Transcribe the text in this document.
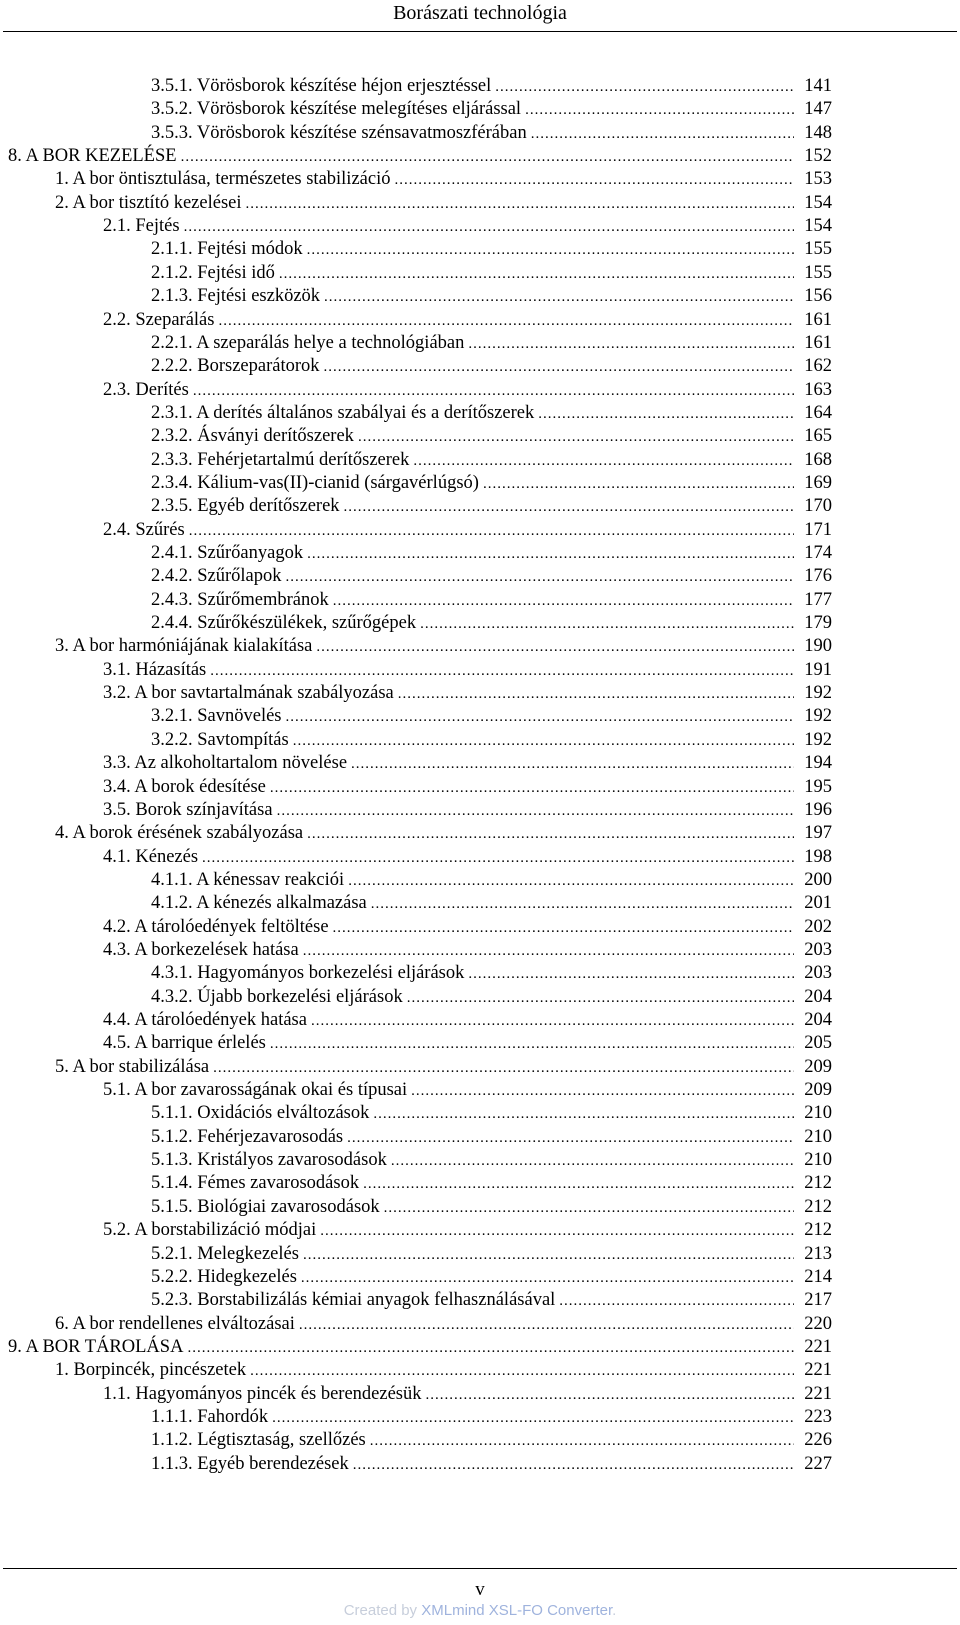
Borászati technológia
3.5.1. Vörösborok készítése héjon erjesztéssel .....	141
3.5.2. Vörösborok készítése melegítéses eljárással .....	147
3.5.3. Vörösborok készítése szénsavatmoszférában .....	148
8. A BOR KEZELÉSE .....	152
1. A bor öntisztulása, természetes stabilizáció .....	153
2. A bor tisztító kezelései .....	154
2.1. Fejtés .....	154
2.1.1. Fejtési módok .....	155
2.1.2. Fejtési idő .....	155
2.1.3. Fejtési eszközök .....	156
2.2. Szeparálás .....	161
2.2.1. A szeparálás helye a technológiában .....	161
2.2.2. Borszeparátorok .....	162
2.3. Derítés .....	163
2.3.1. A derítés általános szabályai és a derítőszerek .....	164
2.3.2. Ásványi derítőszerek .....	165
2.3.3. Fehérjetartalmú derítőszerek .....	168
2.3.4. Kálium-vas(II)-cianid (sárgavérlúgsó) .....	169
2.3.5. Egyéb derítőszerek .....	170
2.4. Szűrés .....	171
2.4.1. Szűrőanyagok .....	174
2.4.2. Szűrőlapok .....	176
2.4.3. Szűrőmembránok .....	177
2.4.4. Szűrőkészülékek, szűrőgépek .....	179
3. A bor harmóniájának kialakítása .....	190
3.1. Házasítás .....	191
3.2. A bor savtartalmának szabályozása .....	192
3.2.1. Savnövelés .....	192
3.2.2. Savtompítás .....	192
3.3. Az alkoholtartalom növelése .....	194
3.4. A borok édesítése .....	195
3.5. Borok színjavítása .....	196
4. A borok érésének szabályozása .....	197
4.1. Kénezés .....	198
4.1.1. A kénessav reakciói .....	200
4.1.2. A kénezés alkalmazása .....	201
4.2. A tárolóedények feltöltése .....	202
4.3. A borkezelések hatása .....	203
4.3.1. Hagyományos borkezelési eljárások .....	203
4.3.2. Újabb borkezelési eljárások .....	204
4.4. A tárolóedények hatása .....	204
4.5. A barrique érlelés .....	205
5. A bor stabilizálása .....	209
5.1. A bor zavarosságának okai és típusai .....	209
5.1.1. Oxidációs elváltozások .....	210
5.1.2. Fehérjezavarosodás .....	210
5.1.3. Kristályos zavarosodások .....	210
5.1.4. Fémes zavarosodások .....	212
5.1.5. Biológiai zavarosodások .....	212
5.2. A borstabilizáció módjai .....	212
5.2.1. Melegkezelés .....	213
5.2.2. Hidegkezelés .....	214
5.2.3. Borstabilizálás kémiai anyagok felhasználásával .....	217
6. A bor rendellenes elváltozásai .....	220
9. A BOR TÁROLÁSA .....	221
1. Borpincék, pincészetek .....	221
1.1. Hagyományos pincék és berendezésük .....	221
1.1.1. Fahordók .....	223
1.1.2. Légtisztaság, szellőzés .....	226
1.1.3. Egyéb berendezések .....	227
v
Created by XMLmind XSL-FO Converter.
